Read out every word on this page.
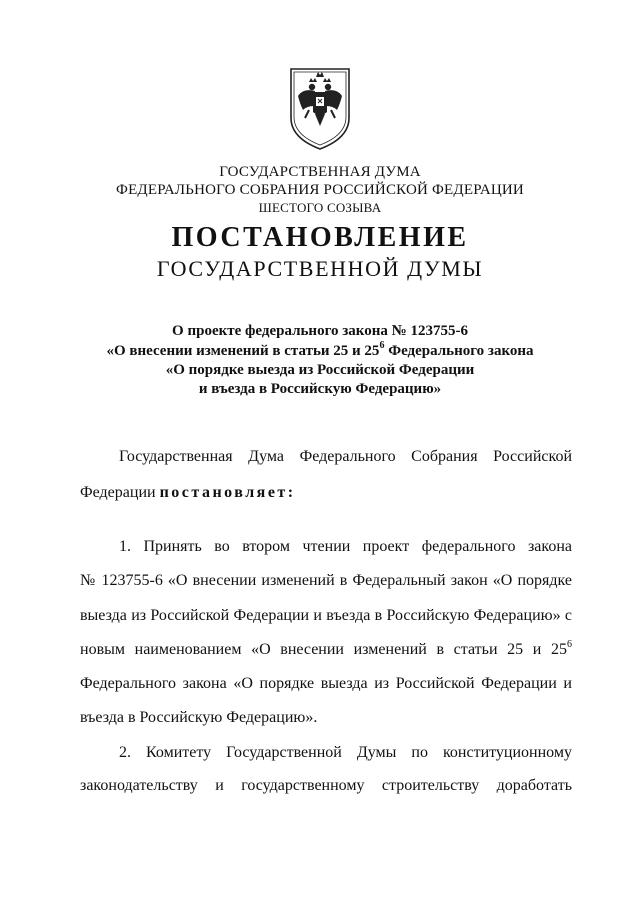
ГОСУДАРСТВЕННАЯ ДУМА
ФЕДЕРАЛЬНОГО СОБРАНИЯ РОССИЙСКОЙ ФЕДЕРАЦИИ
ШЕСТОГО СОЗЫВА
ПОСТАНОВЛЕНИЕ
ГОСУДАРСТВЕННОЙ ДУМЫ
О проекте федерального закона № 123755-6
«О внесении изменений в статьи 25 и $25^6$ Федерального закона
«О порядке выезда из Российской Федерации
и въезда в Российскую Федерацию»
Государственная Дума Федерального Собрания Российской
Федерации постановляет:
1. Принять во втором чтении проект федерального закона
№ 123755-6 «О внесении изменений в Федеральный закон «О порядке
выезда из Российской Федерации и въезда в Российскую Федерацию» с
новым наименованием «О внесении изменений в статьи 25 и $25^6$
Федерального закона «О порядке выезда из Российской Федерации и
въезда в Российскую Федерацию».
2. Комитету Государственной Думы по конституционному
законодательству и государственному строительству доработать
